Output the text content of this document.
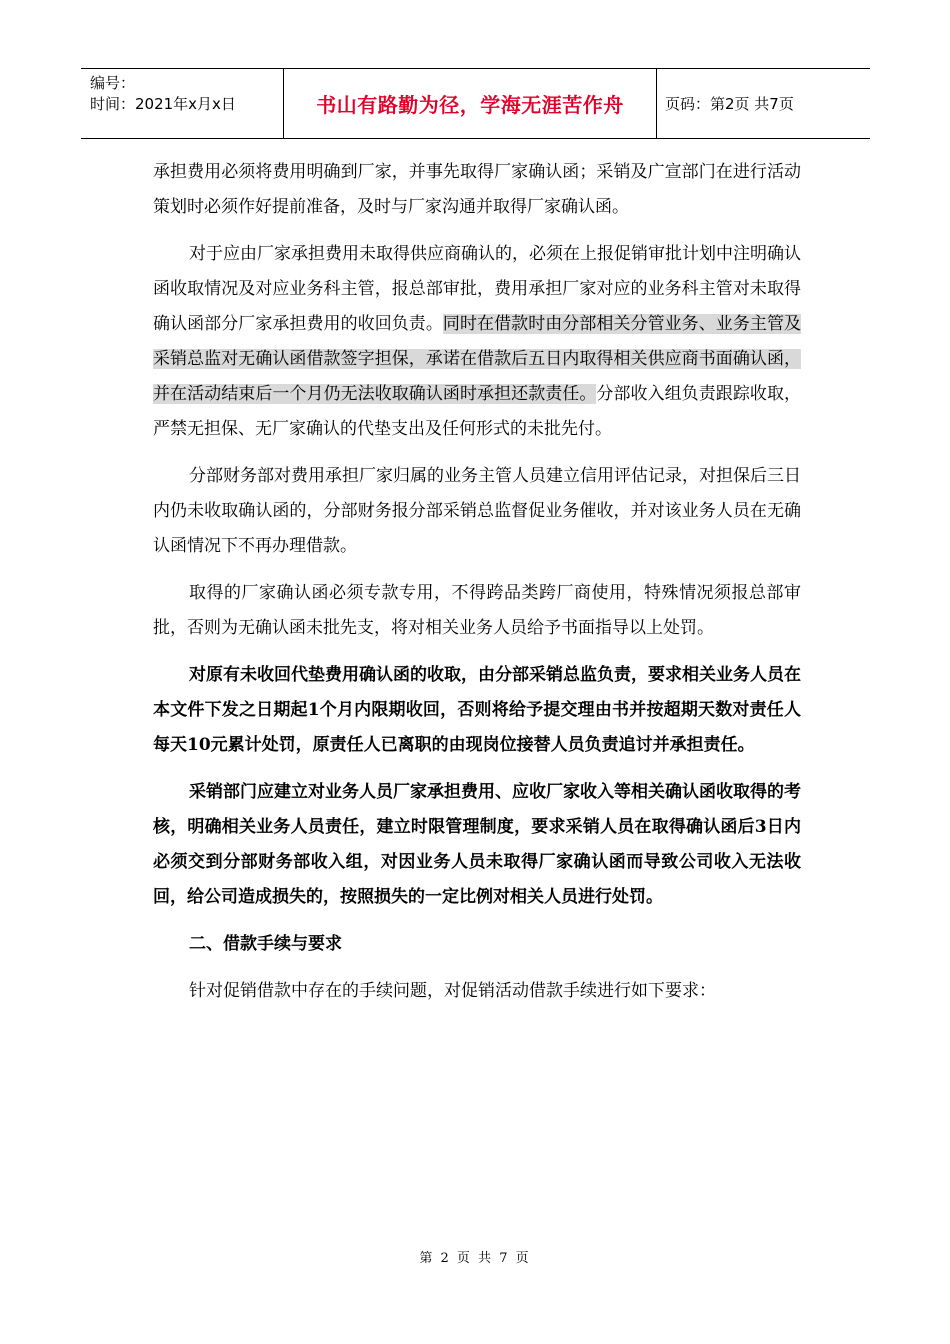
编号：
时间：2021年x月x日	书山有路勤为径，学海无涯苦作舟	页码：第2页 共7页

承担费用必须将费用明确到厂家，并事先取得厂家确认函；采销及广宣部门在进行活动策划时必须作好提前准备，及时与厂家沟通并取得厂家确认函。

对于应由厂家承担费用未取得供应商确认的，必须在上报促销审批计划中注明确认函收取情况及对应业务科主管，报总部审批，费用承担厂家对应的业务科主管对未取得确认函部分厂家承担费用的收回负责。同时在借款时由分部相关分管业务、业务主管及采销总监对无确认函借款签字担保，承诺在借款后五日内取得相关供应商书面确认函，并在活动结束后一个月仍无法收取确认函时承担还款责任。分部收入组负责跟踪收取，严禁无担保、无厂家确认的代垫支出及任何形式的未批先付。

分部财务部对费用承担厂家归属的业务主管人员建立信用评估记录，对担保后三日内仍未收取确认函的，分部财务报分部采销总监督促业务催收，并对该业务人员在无确认函情况下不再办理借款。

取得的厂家确认函必须专款专用，不得跨品类跨厂商使用，特殊情况须报总部审批，否则为无确认函未批先支，将对相关业务人员给予书面指导以上处罚。

对原有未收回代垫费用确认函的收取，由分部采销总监负责，要求相关业务人员在本文件下发之日期起1个月内限期收回，否则将给予提交理由书并按超期天数对责任人每天10元累计处罚，原责任人已离职的由现岗位接替人员负责追讨并承担责任。

采销部门应建立对业务人员厂家承担费用、应收厂家收入等相关确认函收取得的考核，明确相关业务人员责任，建立时限管理制度，要求采销人员在取得确认函后3日内必须交到分部财务部收入组，对因业务人员未取得厂家确认函而导致公司收入无法收回，给公司造成损失的，按照损失的一定比例对相关人员进行处罚。

二、借款手续与要求

针对促销借款中存在的手续问题，对促销活动借款手续进行如下要求：

第 2 页 共 7 页
